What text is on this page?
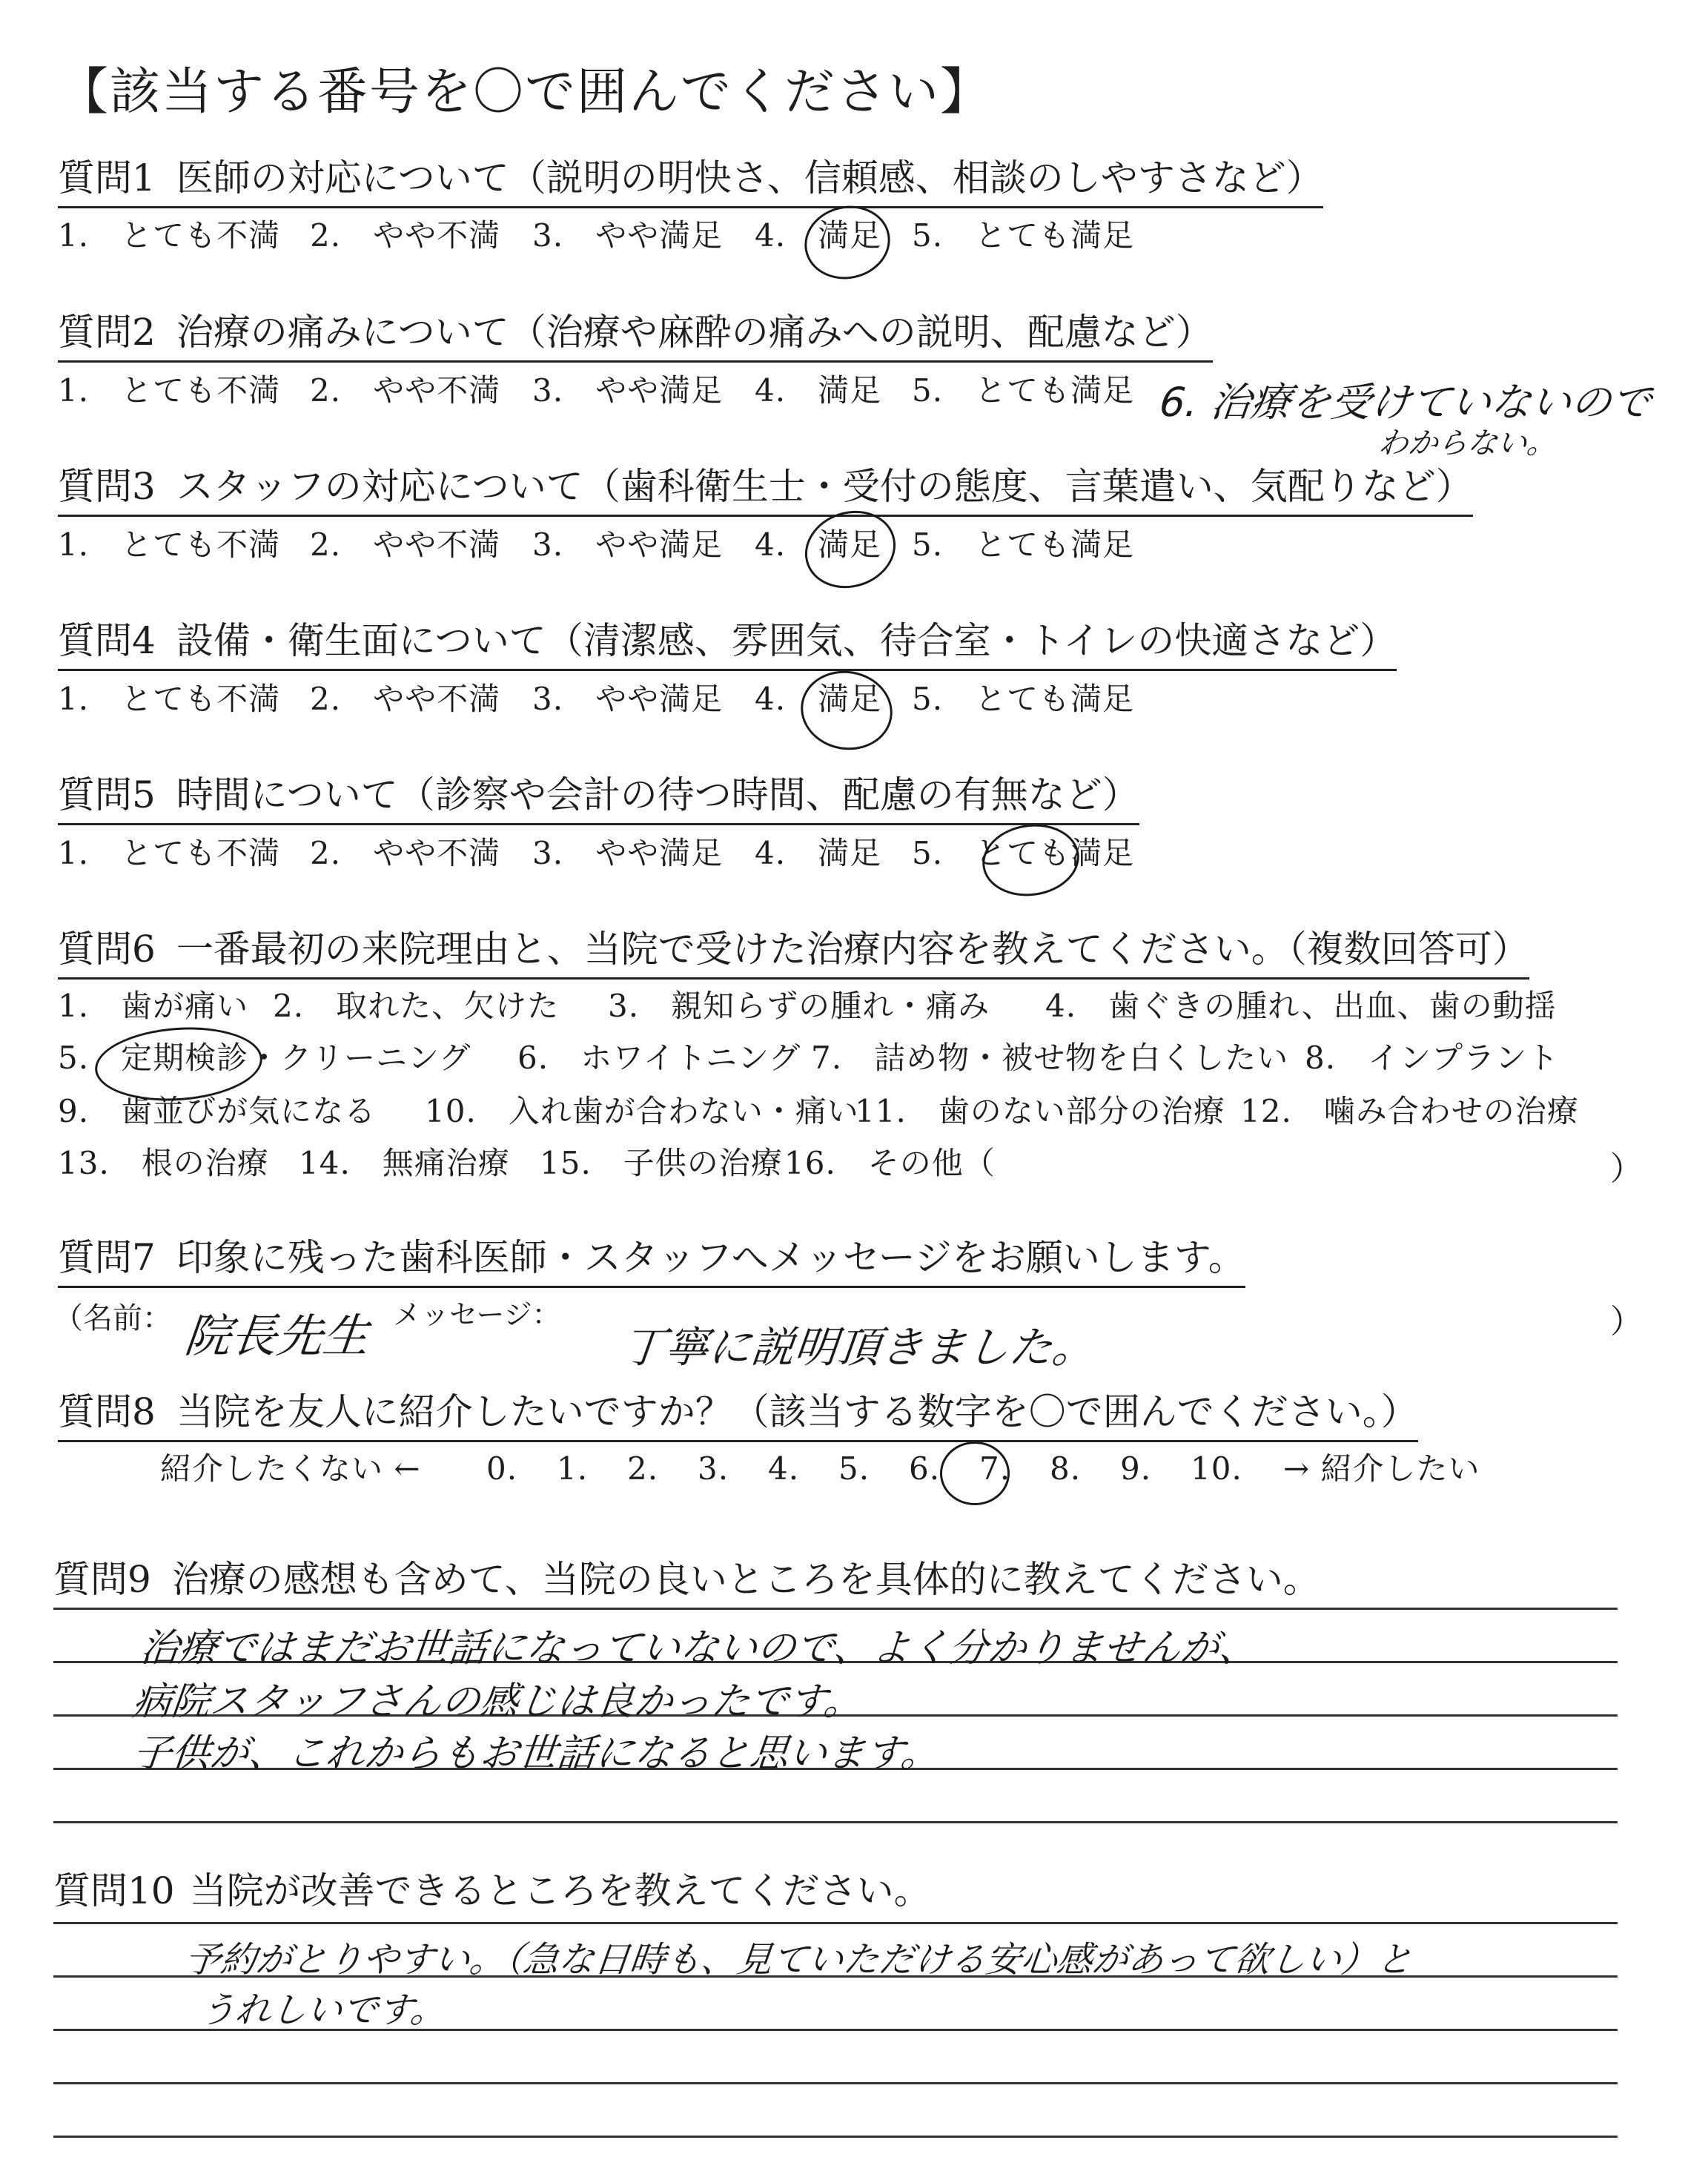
【該当する番号を〇で囲んでください】
質問1 医師の対応について（説明の明快さ、信頼感、相談のしやすさなど）
1.　とても不満 2.　やや不満 3.　やや満足 4.　満足 5.　とても満足
質問2 治療の痛みについて（治療や麻酔の痛みへの説明、配慮など）
1.　とても不満 2.　やや不満 3.　やや満足 4.　満足 5.　とても満足 6. 治療を受けていないので
わからない。
質問3 スタッフの対応について（歯科衛生士・受付の態度、言葉遣い、気配りなど）
1.　とても不満 2.　やや不満 3.　やや満足 4.　満足 5.　とても満足
質問4 設備・衛生面について（清潔感、雰囲気、待合室・トイレの快適さなど）
1.　とても不満 2.　やや不満 3.　やや満足 4.　満足 5.　とても満足
質問5 時間について（診察や会計の待つ時間、配慮の有無など）
1.　とても不満 2.　やや不満 3.　やや満足 4.　満足 5.　とても満足
質問6 一番最初の来院理由と、当院で受けた治療内容を教えてください。（複数回答可）
1.　歯が痛い 2.　取れた、欠けた 3.　親知らずの腫れ・痛み 4.　歯ぐきの腫れ、出血、歯の動揺
5.　定期検診・クリーニング 6.　ホワイトニング 7.　詰め物・被せ物を白くしたい 8.　インプラント
9.　歯並びが気になる 10.　入れ歯が合わない・痛い11.　歯のない部分の治療 12.　噛み合わせの治療
13.　根の治療 14.　無痛治療 15.　子供の治療16.　その他（	）
質問7 印象に残った歯科医師・スタッフへメッセージをお願いします。
（名前： 院長先生 メッセージ：
丁寧に説明頂きました。
）
質問8 当院を友人に紹介したいですか？（該当する数字を〇で囲んでください。）
紹介したくない ← 0. 1. 2. 3. 4. 5. 6. 7. 8. 9. 10. → 紹介したい
質問9 治療の感想も含めて、当院の良いところを具体的に教えてください。
治療ではまだお世話になっていないので、よく分かりませんが、
病院スタッフさんの感じは良かったです。
子供が、これからもお世話になると思います。
質問10 当院が改善できるところを教えてください。
予約がとりやすい。（急な日時も、見ていただける安心感があって欲しい）と
うれしいです。
